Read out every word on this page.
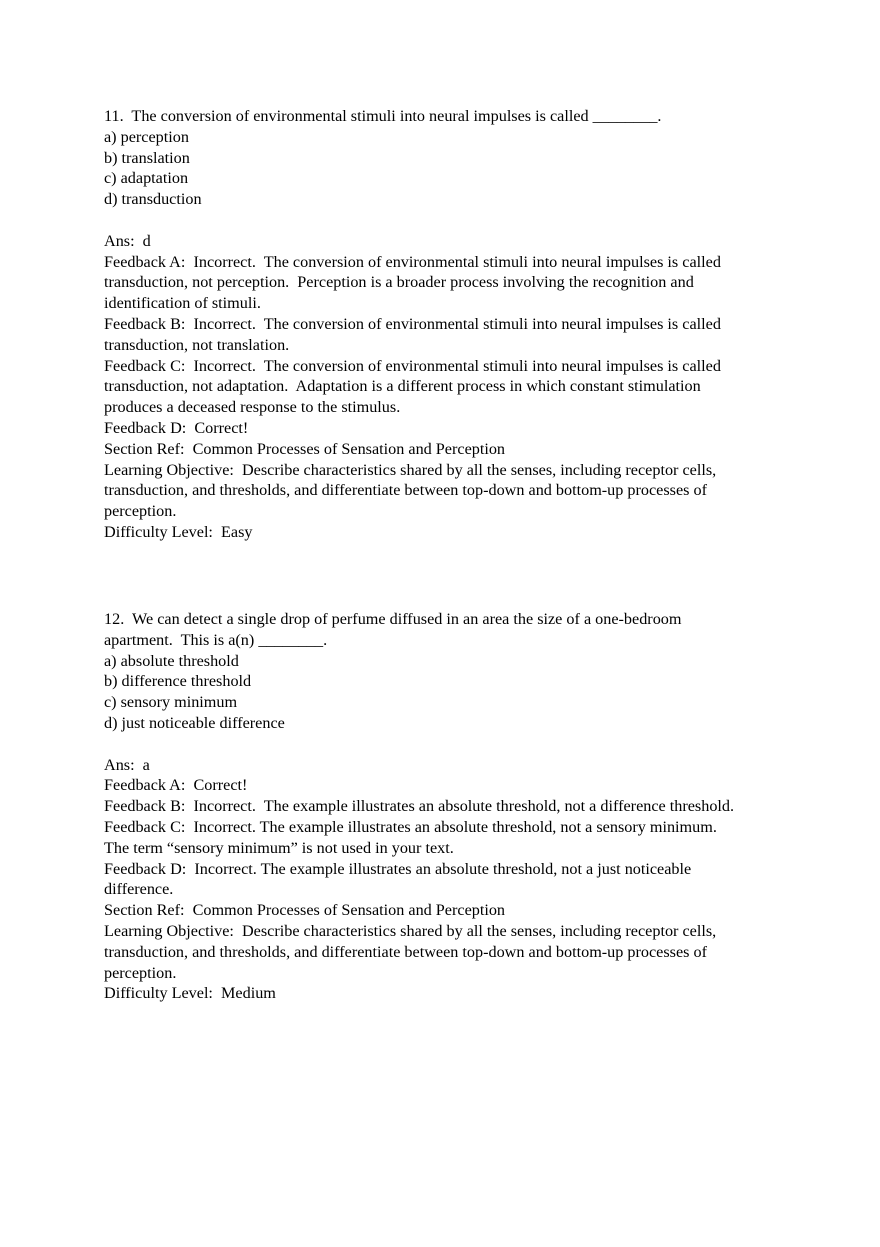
11.  The conversion of environmental stimuli into neural impulses is called ________.
a) perception
b) translation
c) adaptation
d) transduction
Ans:  d
Feedback A:  Incorrect.  The conversion of environmental stimuli into neural impulses is called
transduction, not perception.  Perception is a broader process involving the recognition and
identification of stimuli.
Feedback B:  Incorrect.  The conversion of environmental stimuli into neural impulses is called
transduction, not translation.
Feedback C:  Incorrect.  The conversion of environmental stimuli into neural impulses is called
transduction, not adaptation.  Adaptation is a different process in which constant stimulation
produces a deceased response to the stimulus.
Feedback D:  Correct!
Section Ref:  Common Processes of Sensation and Perception
Learning Objective:  Describe characteristics shared by all the senses, including receptor cells,
transduction, and thresholds, and differentiate between top-down and bottom-up processes of
perception.
Difficulty Level:  Easy
12.  We can detect a single drop of perfume diffused in an area the size of a one-bedroom
apartment.  This is a(n) ________.
a) absolute threshold
b) difference threshold
c) sensory minimum
d) just noticeable difference
Ans:  a
Feedback A:  Correct!
Feedback B:  Incorrect.  The example illustrates an absolute threshold, not a difference threshold.
Feedback C:  Incorrect. The example illustrates an absolute threshold, not a sensory minimum.
The term “sensory minimum” is not used in your text.
Feedback D:  Incorrect. The example illustrates an absolute threshold, not a just noticeable
difference.
Section Ref:  Common Processes of Sensation and Perception
Learning Objective:  Describe characteristics shared by all the senses, including receptor cells,
transduction, and thresholds, and differentiate between top-down and bottom-up processes of
perception.
Difficulty Level:  Medium
